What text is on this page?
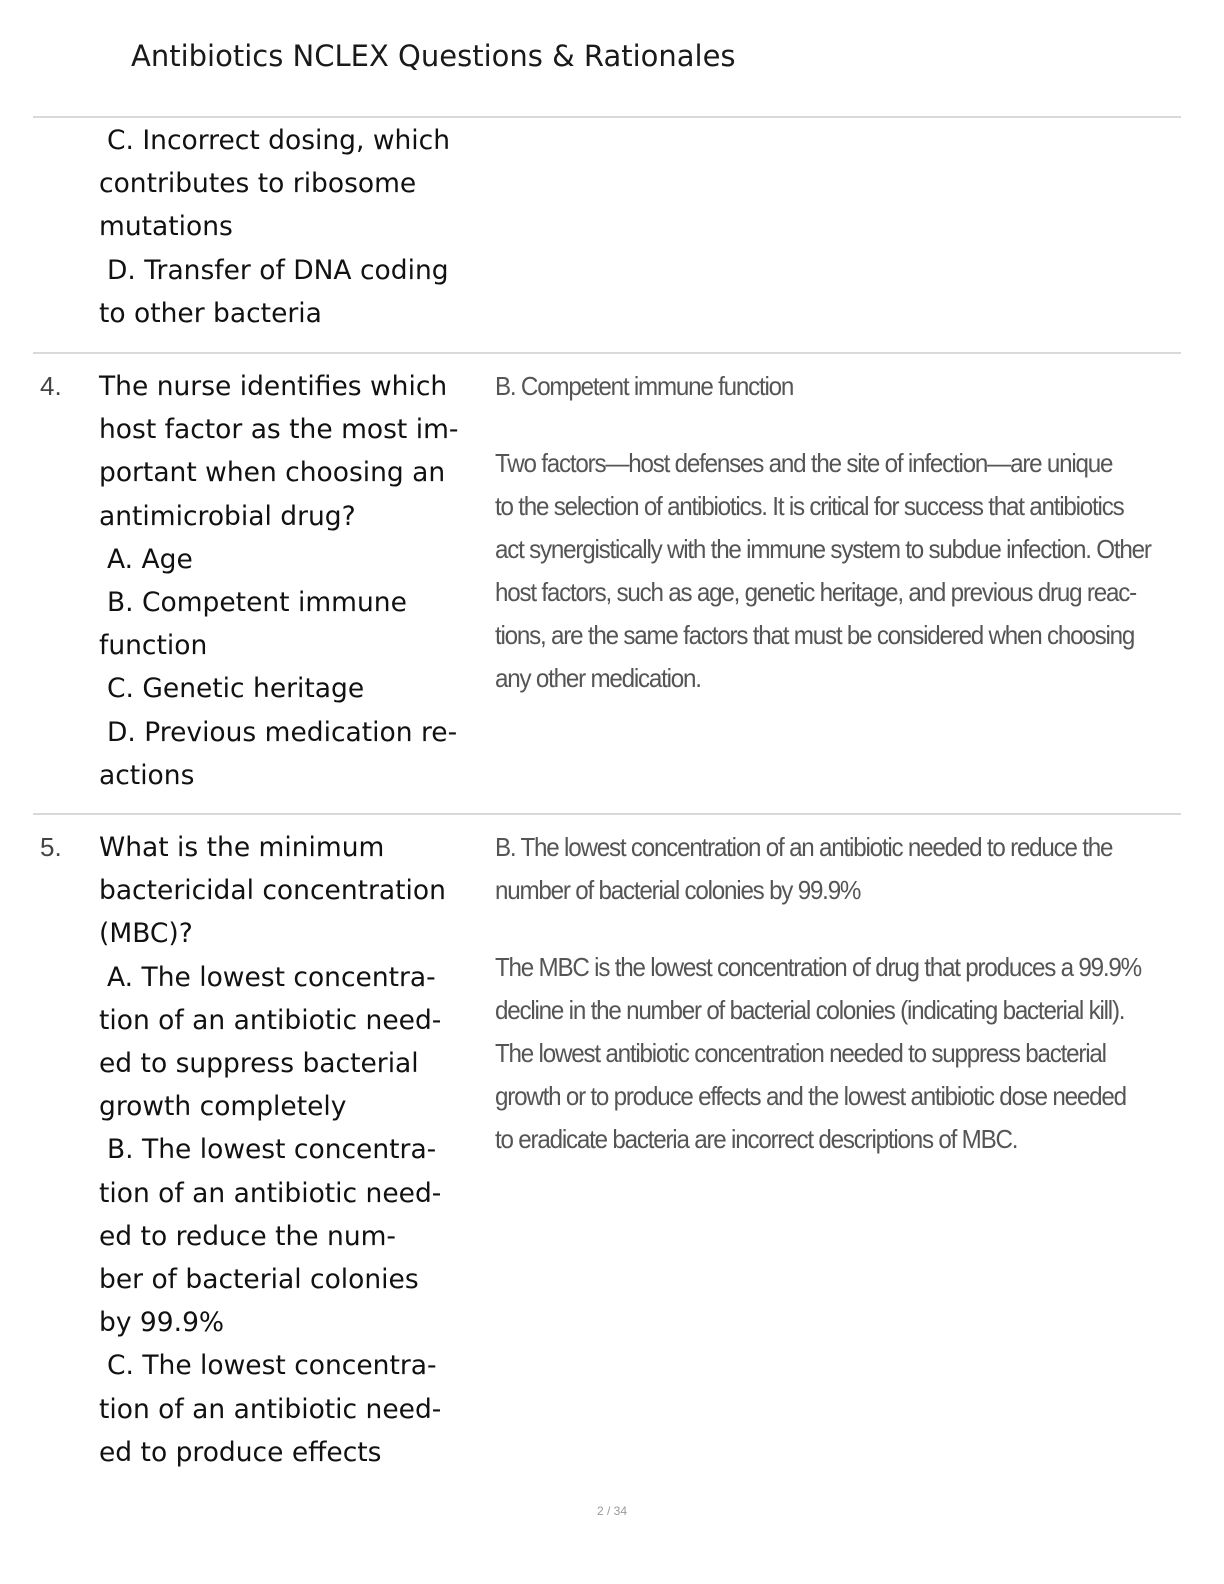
Antibiotics NCLEX Questions & Rationales
C. Incorrect dosing, which
contributes to ribosome
mutations
D. Transfer of DNA coding
to other bacteria
4. The nurse identifies which
host factor as the most im-
portant when choosing an
antimicrobial drug?
A. Age
B. Competent immune
function
C. Genetic heritage
D. Previous medication re-
actions
B. Competent immune function
Two factors—host defenses and the site of infection—are unique
to the selection of antibiotics. It is critical for success that antibiotics
act synergistically with the immune system to subdue infection. Other
host factors, such as age, genetic heritage, and previous drug reac-
tions, are the same factors that must be considered when choosing
any other medication.
5. What is the minimum
bactericidal concentration
(MBC)?
A. The lowest concentra-
tion of an antibiotic need-
ed to suppress bacterial
growth completely
B. The lowest concentra-
tion of an antibiotic need-
ed to reduce the num-
ber of bacterial colonies
by 99.9%
C. The lowest concentra-
tion of an antibiotic need-
ed to produce effects
B. The lowest concentration of an antibiotic needed to reduce the
number of bacterial colonies by 99.9%
The MBC is the lowest concentration of drug that produces a 99.9%
decline in the number of bacterial colonies (indicating bacterial kill).
The lowest antibiotic concentration needed to suppress bacterial
growth or to produce effects and the lowest antibiotic dose needed
to eradicate bacteria are incorrect descriptions of MBC.
2 / 34
